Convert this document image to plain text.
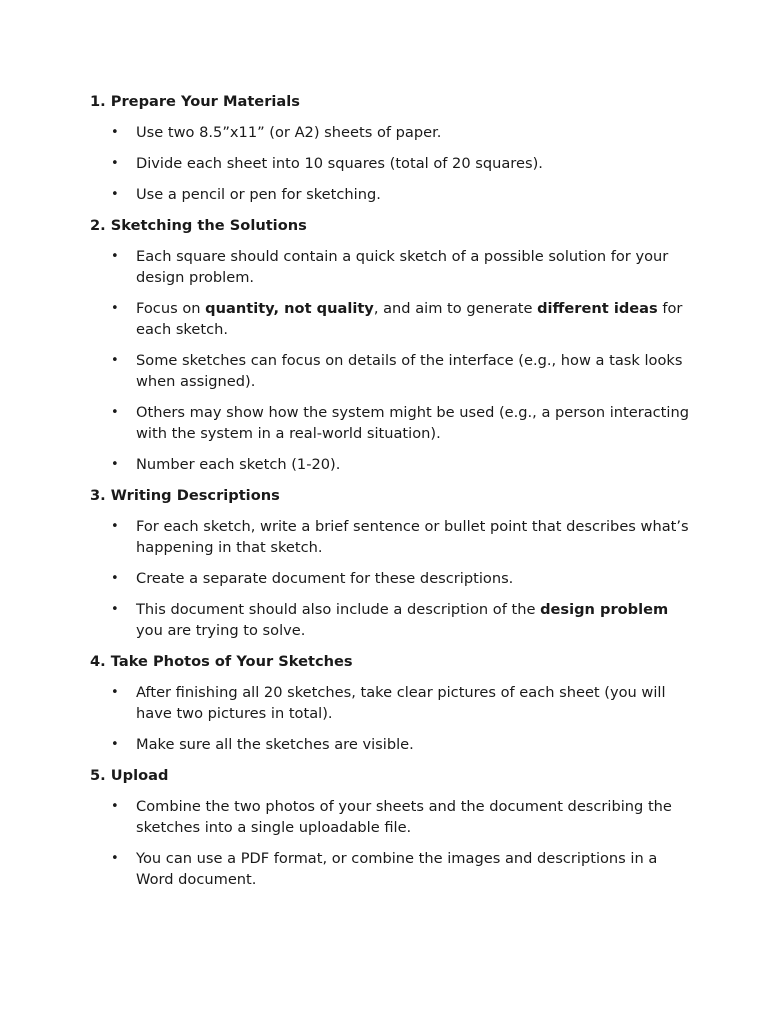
1. Prepare Your Materials
• Use two 8.5”x11” (or A2) sheets of paper.
• Divide each sheet into 10 squares (total of 20 squares).
• Use a pencil or pen for sketching.
2. Sketching the Solutions
• Each square should contain a quick sketch of a possible solution for your design problem.
• Focus on quantity, not quality, and aim to generate different ideas for each sketch.
• Some sketches can focus on details of the interface (e.g., how a task looks when assigned).
• Others may show how the system might be used (e.g., a person interacting with the system in a real-world situation).
• Number each sketch (1-20).
3. Writing Descriptions
• For each sketch, write a brief sentence or bullet point that describes what’s happening in that sketch.
• Create a separate document for these descriptions.
• This document should also include a description of the design problem you are trying to solve.
4. Take Photos of Your Sketches
• After finishing all 20 sketches, take clear pictures of each sheet (you will have two pictures in total).
• Make sure all the sketches are visible.
5. Upload
• Combine the two photos of your sheets and the document describing the sketches into a single uploadable file.
• You can use a PDF format, or combine the images and descriptions in a Word document.
